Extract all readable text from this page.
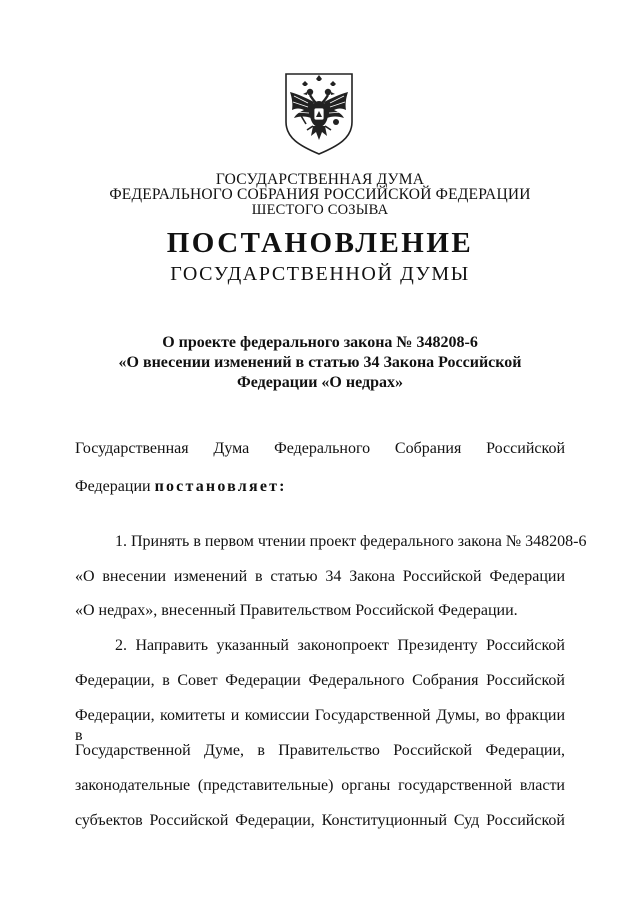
ГОСУДАРСТВЕННАЯ ДУМА
ФЕДЕРАЛЬНОГО СОБРАНИЯ РОССИЙСКОЙ ФЕДЕРАЦИИ
ШЕСТОГО СОЗЫВА
ПОСТАНОВЛЕНИЕ
ГОСУДАРСТВЕННОЙ ДУМЫ
О проекте федерального закона № 348208-6
«О внесении изменений в статью 34 Закона Российской
Федерации «О недрах»
Государственная Дума Федерального Собрания Российской
Федерации постановляет:
1. Принять в первом чтении проект федерального закона № 348208-6
«О внесении изменений в статью 34 Закона Российской Федерации
«О недрах», внесенный Правительством Российской Федерации.
2. Направить указанный законопроект Президенту Российской
Федерации, в Совет Федерации Федерального Собрания Российской
Федерации, комитеты и комиссии Государственной Думы, во фракции в
Государственной Думе, в Правительство Российской Федерации,
законодательные (представительные) органы государственной власти
субъектов Российской Федерации, Конституционный Суд Российской
